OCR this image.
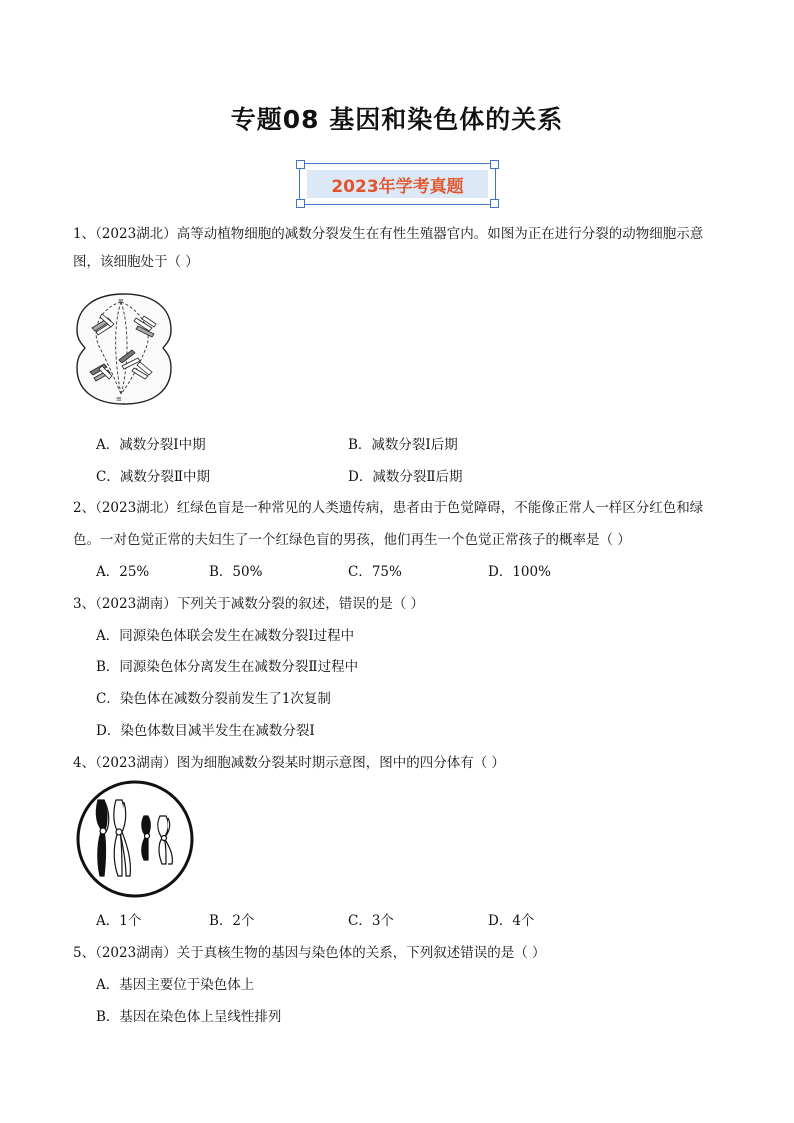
专题08 基因和染色体的关系
2023年学考真题
1、（2023湖北）高等动植物细胞的减数分裂发生在有性生殖器官内。如图为正在进行分裂的动物细胞示意
图，该细胞处于（ ）
≡
≡
A．减数分裂Ⅰ中期	B．减数分裂Ⅰ后期
C．减数分裂Ⅱ中期	D．减数分裂Ⅱ后期
2、（2023湖北）红绿色盲是一种常见的人类遗传病，患者由于色觉障碍，不能像正常人一样区分红色和绿
色。一对色觉正常的夫妇生了一个红绿色盲的男孩，他们再生一个色觉正常孩子的概率是（ ）
A．25%	B．50%	C．75%	D．100%
3、（2023湖南）下列关于减数分裂的叙述，错误的是（ ）
A．同源染色体联会发生在减数分裂Ⅰ过程中
B．同源染色体分离发生在减数分裂Ⅱ过程中
C．染色体在减数分裂前发生了1次复制
D．染色体数目减半发生在减数分裂Ⅰ
4、（2023湖南）图为细胞减数分裂某时期示意图，图中的四分体有（ ）
A．1个	B．2个	C．3个	D．4个
5、（2023湖南）关于真核生物的基因与染色体的关系，下列叙述错误的是（ ）
A．基因主要位于染色体上
B．基因在染色体上呈线性排列
